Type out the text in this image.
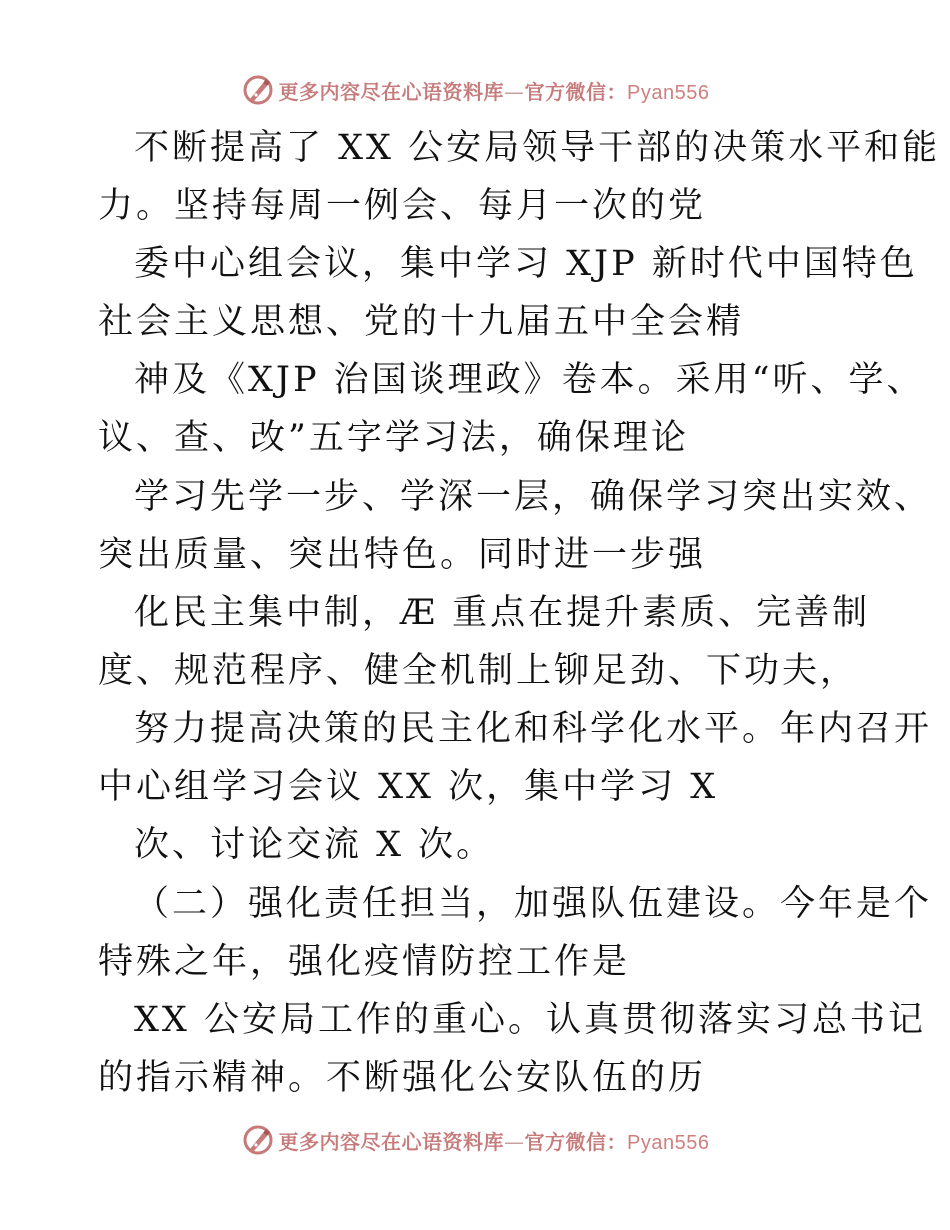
更多内容尽在心语资料库—官方微信：Pyan556
不断提高了 XX 公安局领导干部的决策水平和能
力。坚持每周一例会、每月一次的党
委中心组会议，集中学习 XJP 新时代中国特色
社会主义思想、党的十九届五中全会精
神及《XJP 治国谈理政》卷本。采用“听、学、
议、查、改”五字学习法，确保理论
学习先学一步、学深一层，确保学习突出实效、
突出质量、突出特色。同时进一步强
化民主集中制，Æ 重点在提升素质、完善制
度、规范程序、健全机制上铆足劲、下功夫，
努力提高决策的民主化和科学化水平。年内召开
中心组学习会议 XX 次，集中学习 X
次、讨论交流 X 次。
（二）强化责任担当，加强队伍建设。今年是个
特殊之年，强化疫情防控工作是
XX 公安局工作的重心。认真贯彻落实习总书记
的指示精神。不断强化公安队伍的历
更多内容尽在心语资料库—官方微信：Pyan556
